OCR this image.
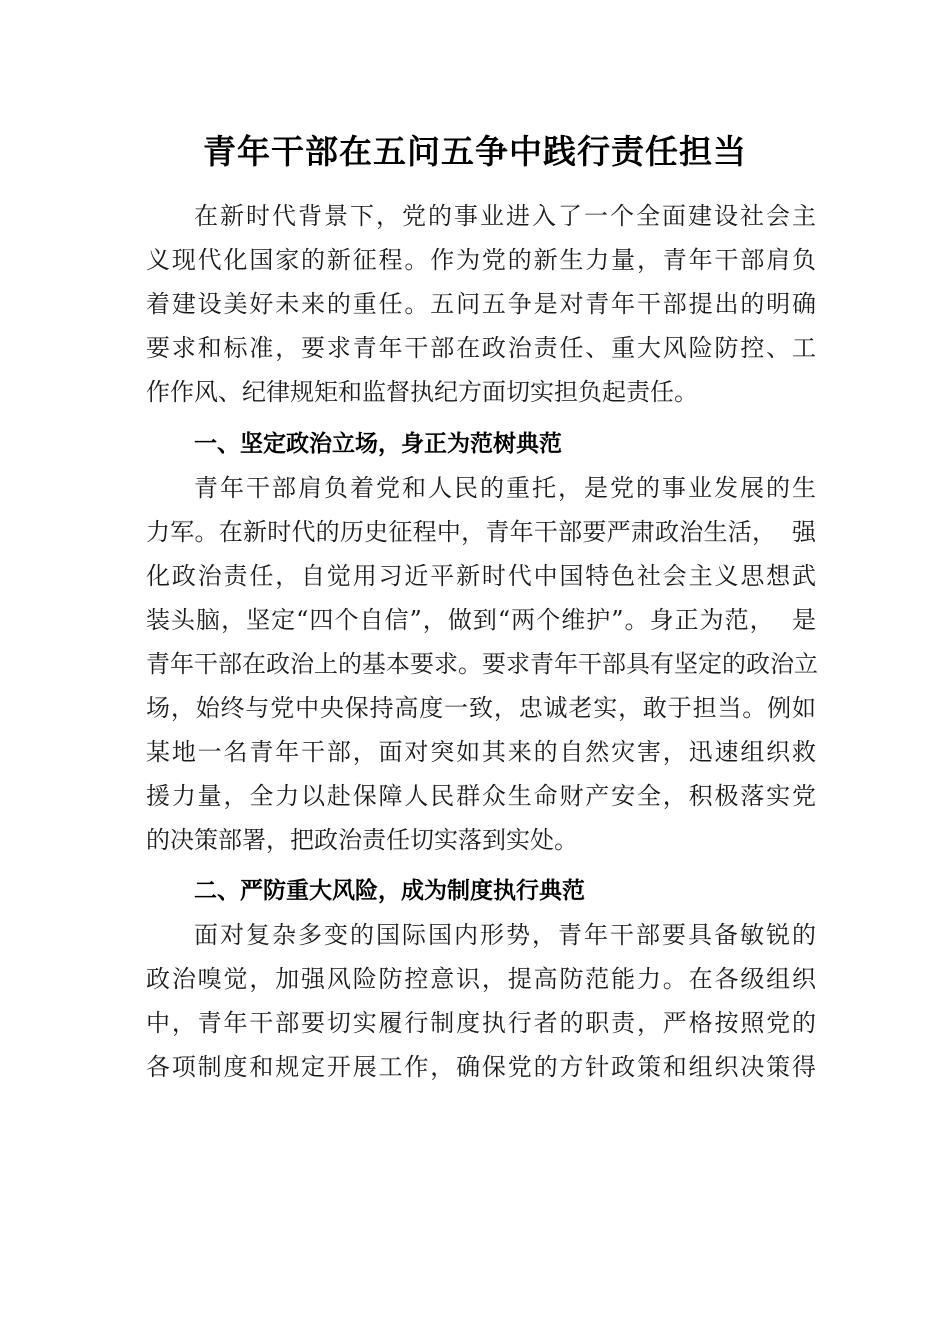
青年干部在五问五争中践行责任担当
在新时代背景下，党的事业进入了一个全面建设社会主
义现代化国家的新征程。作为党的新生力量，青年干部肩负
着建设美好未来的重任。五问五争是对青年干部提出的明确
要求和标准，要求青年干部在政治责任、重大风险防控、工
作作风、纪律规矩和监督执纪方面切实担负起责任。
一、坚定政治立场，身正为范树典范
青年干部肩负着党和人民的重托，是党的事业发展的生
力军。在新时代的历史征程中，青年干部要严肃政治生活，  强
化政治责任，自觉用习近平新时代中国特色社会主义思想武
装头脑，坚定“四个自信”，做到“两个维护”。身正为范，  是
青年干部在政治上的基本要求。要求青年干部具有坚定的政治立
场，始终与党中央保持高度一致，忠诚老实，敢于担当。例如
某地一名青年干部，面对突如其来的自然灾害，迅速组织救
援力量，全力以赴保障人民群众生命财产安全，积极落实党
的决策部署，把政治责任切实落到实处。
二、严防重大风险，成为制度执行典范
面对复杂多变的国际国内形势，青年干部要具备敏锐的
政治嗅觉，加强风险防控意识，提高防范能力。在各级组织
中，青年干部要切实履行制度执行者的职责，严格按照党的
各项制度和规定开展工作，确保党的方针政策和组织决策得
